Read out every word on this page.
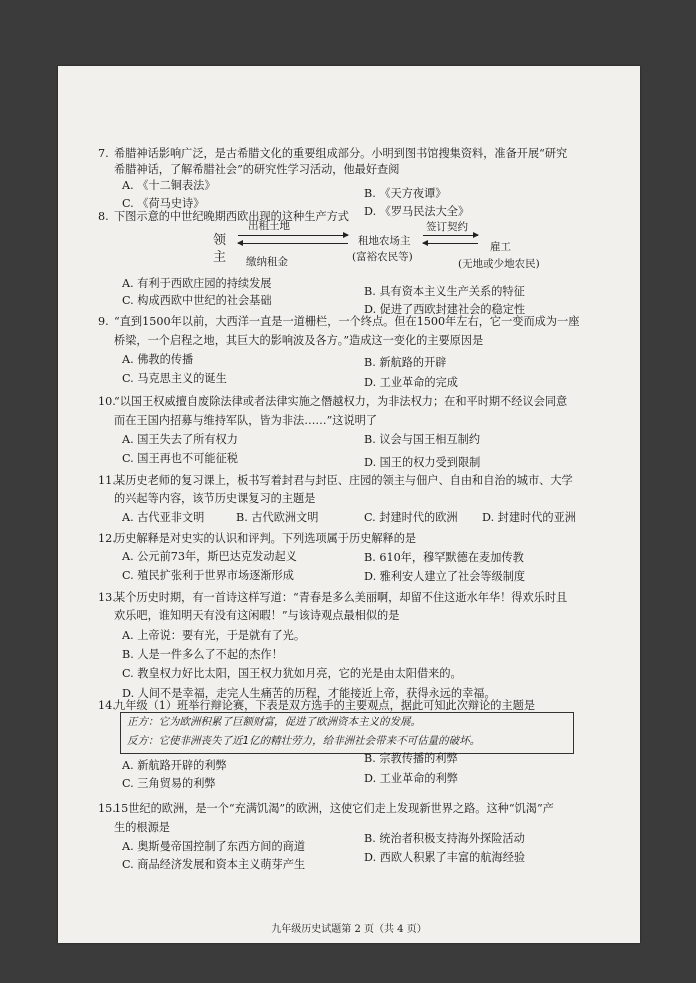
7. 希腊神话影响广泛，是古希腊文化的重要组成部分。小明到图书馆搜集资料，准备开展“研究
希腊神话，了解希腊社会”的研究性学习活动，他最好查阅
A. 《十二铜表法》
B. 《天方夜谭》
C. 《荷马史诗》
D. 《罗马民法大全》
8. 下图示意的中世纪晚期西欧出现的这种生产方式
领
主
出租土地
缴纳租金
租地农场主
(富裕农民等)
签订契约
雇工
(无地或少地农民)
A. 有利于西欧庄园的持续发展
B. 具有资本主义生产关系的特征
C. 构成西欧中世纪的社会基础
D. 促进了西欧封建社会的稳定性
9. “直到1500年以前，大西洋一直是一道栅栏，一个终点。但在1500年左右，它一变而成为一座
桥梁，一个启程之地，其巨大的影响波及各方。”造成这一变化的主要原因是
A. 佛教的传播	B. 新航路的开辟
C. 马克思主义的诞生	D. 工业革命的完成
10.
“以国王权威擅自废除法律或者法律实施之僭越权力，为非法权力；在和平时期不经议会同意
而在王国内招募与维持军队，皆为非法……”这说明了
A. 国王失去了所有权力	B. 议会与国王相互制约
C. 国王再也不可能征税	D. 国王的权力受到限制
11.
某历史老师的复习课上，板书写着封君与封臣、庄园的领主与佃户、自由和自治的城市、大学
的兴起等内容，该节历史课复习的主题是
A. 古代亚非文明	B. 古代欧洲文明	C. 封建时代的欧洲 D. 封建时代的亚洲
12.
历史解释是对史实的认识和评判。下列选项属于历史解释的是
A. 公元前73年，斯巴达克发动起义	B. 610年，穆罕默德在麦加传教
C. 殖民扩张利于世界市场逐渐形成	D. 雅利安人建立了社会等级制度
13.
某个历史时期，有一首诗这样写道：“青春是多么美丽啊，却留不住这逝水年华！得欢乐时且
欢乐吧，谁知明天有没有这闲暇！”与该诗观点最相似的是
A. 上帝说：要有光，于是就有了光。
B. 人是一件多么了不起的杰作！
C. 教皇权力好比太阳，国王权力犹如月亮，它的光是由太阳借来的。
D. 人间不是幸福，走完人生痛苦的历程，才能接近上帝，获得永远的幸福。
14.
九年级（1）班举行辩论赛，下表是双方选手的主要观点，据此可知此次辩论的主题是
正方：它为欧洲积累了巨额财富，促进了欧洲资本主义的发展。
反方：它使非洲丧失了近1亿的精壮劳力，给非洲社会带来不可估量的破坏。
A. 新航路开辟的利弊
B. 宗教传播的利弊
C. 三角贸易的利弊	D. 工业革命的利弊
15.
15世纪的欧洲，是一个“充满饥渴”的欧洲，这使它们走上发现新世界之路。这种“饥渴”产
生的根源是
A. 奥斯曼帝国控制了东西方间的商道
B. 统治者积极支持海外探险活动
C. 商品经济发展和资本主义萌芽产生
D. 西欧人积累了丰富的航海经验
九年级历史试题第 2 页（共 4 页）
